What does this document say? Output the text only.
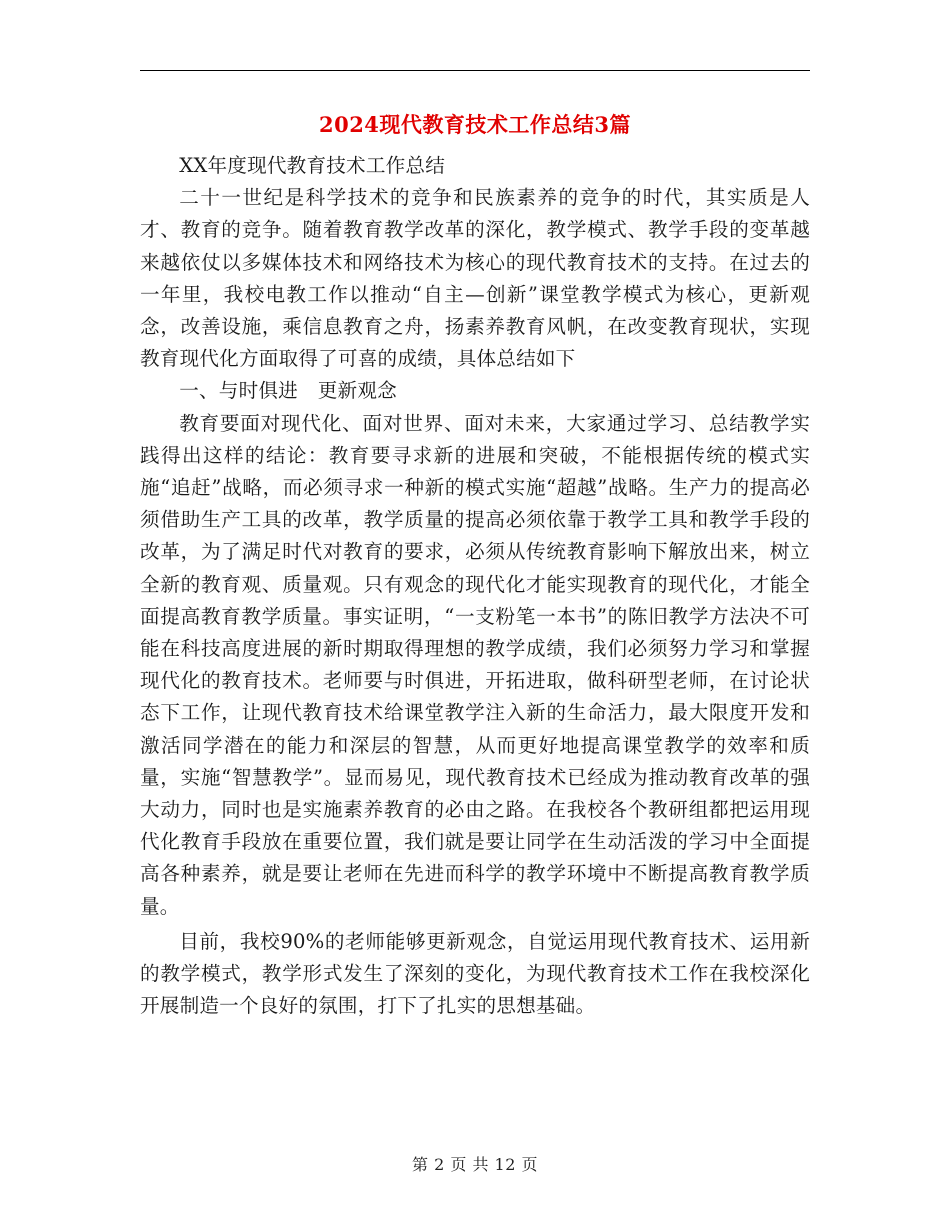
2024现代教育技术工作总结3篇

XX年度现代教育技术工作总结

二十一世纪是科学技术的竞争和民族素养的竞争的时代，其实质是人才、教育的竞争。随着教育教学改革的深化，教学模式、教学手段的变革越来越依仗以多媒体技术和网络技术为核心的现代教育技术的支持。在过去的一年里，我校电教工作以推动“自主—创新”课堂教学模式为核心，更新观念，改善设施，乘信息教育之舟，扬素养教育风帆，在改变教育现状，实现教育现代化方面取得了可喜的成绩，具体总结如下

一、与时俱进　更新观念

教育要面对现代化、面对世界、面对未来，大家通过学习、总结教学实践得出这样的结论：教育要寻求新的进展和突破，不能根据传统的模式实施“追赶”战略，而必须寻求一种新的模式实施“超越”战略。生产力的提高必须借助生产工具的改革，教学质量的提高必须依靠于教学工具和教学手段的改革，为了满足时代对教育的要求，必须从传统教育影响下解放出来，树立全新的教育观、质量观。只有观念的现代化才能实现教育的现代化，才能全面提高教育教学质量。事实证明，“一支粉笔一本书”的陈旧教学方法决不可能在科技高度进展的新时期取得理想的教学成绩，我们必须努力学习和掌握现代化的教育技术。老师要与时俱进，开拓进取，做科研型老师，在讨论状态下工作，让现代教育技术给课堂教学注入新的生命活力，最大限度开发和激活同学潜在的能力和深层的智慧，从而更好地提高课堂教学的效率和质量，实施“智慧教学”。显而易见，现代教育技术已经成为推动教育改革的强大动力，同时也是实施素养教育的必由之路。在我校各个教研组都把运用现代化教育手段放在重要位置，我们就是要让同学在生动活泼的学习中全面提高各种素养，就是要让老师在先进而科学的教学环境中不断提高教育教学质量。

目前，我校90%的老师能够更新观念，自觉运用现代教育技术、运用新的教学模式，教学形式发生了深刻的变化，为现代教育技术工作在我校深化开展制造一个良好的氛围，打下了扎实的思想基础。

第 2 页 共 12 页
